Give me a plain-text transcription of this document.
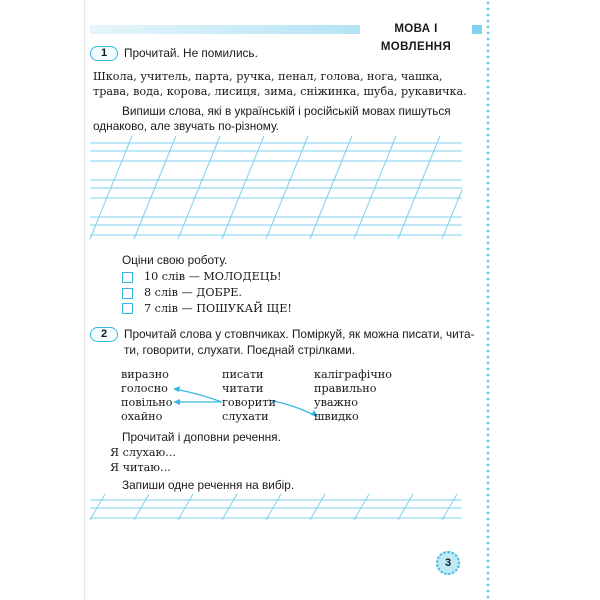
МОВА І МОВЛЕННЯ
1	Прочитай. Не помились.
Школа, учитель, парта, ручка, пенал, голова, нога, чашка,
трава, вода, корова, лисиця, зима, сніжинка, шуба, рукавичка.
Випиши слова, які в українській і російській мовах пишуться
однаково, але звучать по-різному.
Оціни свою роботу.
10 слів — МОЛОДЕЦЬ!
8 слів — ДОБРЕ.
7 слів — ПОШУКАЙ ЩЕ!
2	Прочитай слова у стовпчиках. Поміркуй, як можна писати, чита-
ти, говорити, слухати. Поєднай стрілками.
виразно
голосно
повільно
охайно
писати
читати
говорити
слухати
каліграфічно
правильно
уважно
швидко
Прочитай і доповни речення.
Я слухаю...
Я читаю...
Запиши одне речення на вибір.
3
